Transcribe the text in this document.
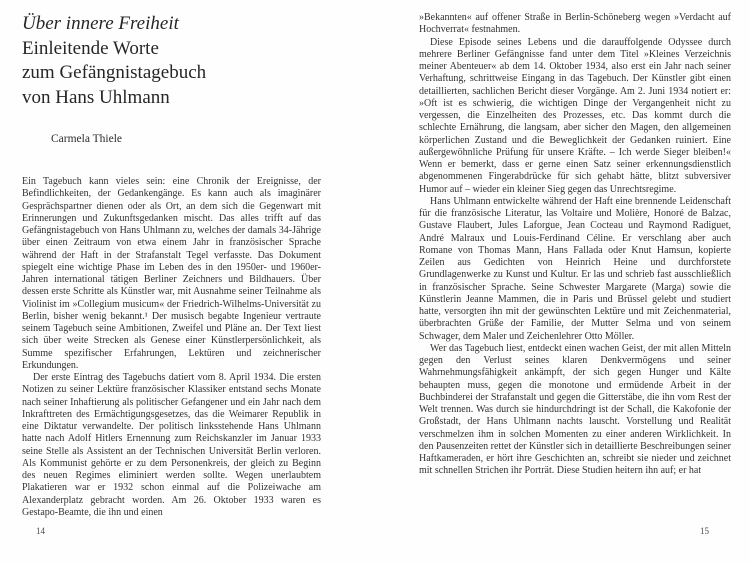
Über innere Freiheit
Einleitende Worte
zum Gefängnistagebuch
von Hans Uhlmann
Carmela Thiele

Ein Tagebuch kann vieles sein: eine Chronik der Ereignisse, der Befindlichkeiten, der Gedankengänge. Es kann auch als imaginärer Gesprächspartner dienen oder als Ort, an dem sich die Gegenwart mit Erinnerungen und Zukunftsgedanken mischt. Das alles trifft auf das Gefängnistagebuch von Hans Uhlmann zu, welches der damals 34-Jährige über einen Zeitraum von etwa einem Jahr in französischer Sprache während der Haft in der Strafanstalt Tegel verfasste. Das Dokument spiegelt eine wichtige Phase im Leben des in den 1950er- und 1960er-Jahren international tätigen Berliner Zeichners und Bildhauers. Über dessen erste Schritte als Künstler war, mit Ausnahme seiner Teilnahme als Violinist im »Collegium musicum« der Friedrich-Wilhelms-Universität zu Berlin, bisher wenig bekannt.¹ Der musisch begabte Ingenieur vertraute seinem Tagebuch seine Ambitionen, Zweifel und Pläne an. Der Text liest sich über weite Strecken als Genese einer Künstlerpersönlichkeit, als Summe spezifischer Erfahrungen, Lektüren und zeichnerischer Erkundungen.

Der erste Eintrag des Tagebuchs datiert vom 8. April 1934. Die ersten Notizen zu seiner Lektüre französischer Klassiker entstand sechs Monate nach seiner Inhaftierung als politischer Gefangener und ein Jahr nach dem Inkrafttreten des Ermächtigungsgesetzes, das die Weimarer Republik in eine Diktatur verwandelte. Der politisch linksstehende Hans Uhlmann hatte nach Adolf Hitlers Ernennung zum Reichskanzler im Januar 1933 seine Stelle als Assistent an der Technischen Universität Berlin verloren. Als Kommunist gehörte er zu dem Personenkreis, der gleich zu Beginn des neuen Regimes eliminiert werden sollte. Wegen unerlaubtem Plakatieren war er 1932 schon einmal auf die Polizeiwache am Alexanderplatz gebracht worden. Am 26. Oktober 1933 waren es Gestapo-Beamte, die ihn und einen

14

»Bekannten« auf offener Straße in Berlin-Schöneberg wegen »Verdacht auf Hochverrat« festnahmen.

Diese Episode seines Lebens und die darauffolgende Odyssee durch mehrere Berliner Gefängnisse fand unter dem Titel »Kleines Verzeichnis meiner Abenteuer« ab dem 14. Oktober 1934, also erst ein Jahr nach seiner Verhaftung, schrittweise Eingang in das Tagebuch. Der Künstler gibt einen detaillierten, sachlichen Bericht dieser Vorgänge. Am 2. Juni 1934 notiert er: »Oft ist es schwierig, die wichtigen Dinge der Vergangenheit nicht zu vergessen, die Einzelheiten des Prozesses, etc. Das kommt durch die schlechte Ernährung, die langsam, aber sicher den Magen, den allgemeinen körperlichen Zustand und die Beweglichkeit der Gedanken ruiniert. Eine außergewöhnliche Prüfung für unsere Kräfte. – Ich werde Sieger bleiben!« Wenn er bemerkt, dass er gerne einen Satz seiner erkennungsdienstlich abgenommenen Fingerabdrücke für sich gehabt hätte, blitzt subversiver Humor auf – wieder ein kleiner Sieg gegen das Unrechtsregime.

Hans Uhlmann entwickelte während der Haft eine brennende Leidenschaft für die französische Literatur, las Voltaire und Molière, Honoré de Balzac, Gustave Flaubert, Jules Laforgue, Jean Cocteau und Raymond Radiguet, André Malraux und Louis-Ferdinand Céline. Er verschlang aber auch Romane von Thomas Mann, Hans Fallada oder Knut Hamsun, kopierte Zeilen aus Gedichten von Heinrich Heine und durchforstete Grundlagenwerke zu Kunst und Kultur. Er las und schrieb fast ausschließlich in französischer Sprache. Seine Schwester Margarete (Marga) sowie die Künstlerin Jeanne Mammen, die in Paris und Brüssel gelebt und studiert hatte, versorgten ihn mit der gewünschten Lektüre und mit Zeichenmaterial, überbrachten Grüße der Familie, der Mutter Selma und von seinem Schwager, dem Maler und Zeichenlehrer Otto Möller.

Wer das Tagebuch liest, entdeckt einen wachen Geist, der mit allen Mitteln gegen den Verlust seines klaren Denkvermögens und seiner Wahrnehmungsfähigkeit ankämpft, der sich gegen Hunger und Kälte behaupten muss, gegen die monotone und ermüdende Arbeit in der Buchbinderei der Strafanstalt und gegen die Gitterstäbe, die ihn vom Rest der Welt trennen. Was durch sie hindurchdringt ist der Schall, die Kakofonie der Großstadt, der Hans Uhlmann nachts lauscht. Vorstellung und Realität verschmelzen ihm in solchen Momenten zu einer anderen Wirklichkeit. In den Pausenzeiten rettet der Künstler sich in detaillierte Beschreibungen seiner Haftkameraden, er hört ihre Geschichten an, schreibt sie nieder und zeichnet mit schnellen Strichen ihr Porträt. Diese Studien heitern ihn auf; er hat

15
